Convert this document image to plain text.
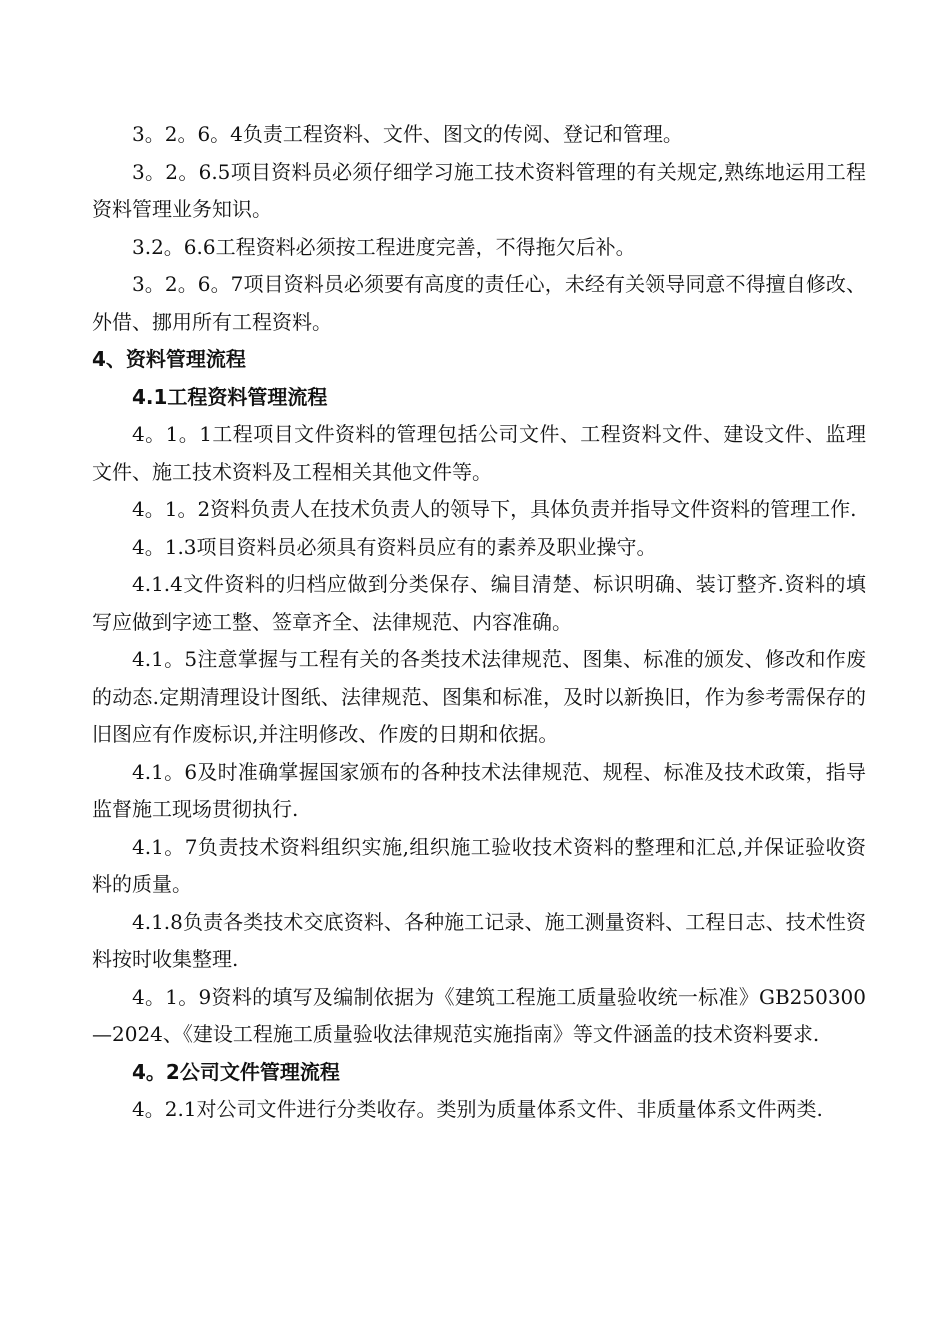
3。2。6。4负责工程资料、文件、图文的传阅、登记和管理。

3。2。6.5项目资料员必须仔细学习施工技术资料管理的有关规定,熟练地运用工程资料管理业务知识。

3.2。6.6工程资料必须按工程进度完善，不得拖欠后补。

3。2。6。7项目资料员必须要有高度的责任心，未经有关领导同意不得擅自修改、外借、挪用所有工程资料。

4、资料管理流程

4.1工程资料管理流程

4。1。1工程项目文件资料的管理包括公司文件、工程资料文件、建设文件、监理文件、施工技术资料及工程相关其他文件等。

4。1。2资料负责人在技术负责人的领导下，具体负责并指导文件资料的管理工作.

4。1.3项目资料员必须具有资料员应有的素养及职业操守。

4.1.4文件资料的归档应做到分类保存、编目清楚、标识明确、装订整齐.资料的填写应做到字迹工整、签章齐全、法律规范、内容准确。

4.1。5注意掌握与工程有关的各类技术法律规范、图集、标准的颁发、修改和作废的动态.定期清理设计图纸、法律规范、图集和标准，及时以新换旧，作为参考需保存的旧图应有作废标识,并注明修改、作废的日期和依据。

4.1。6及时准确掌握国家颁布的各种技术法律规范、规程、标准及技术政策，指导监督施工现场贯彻执行.

4.1。7负责技术资料组织实施,组织施工验收技术资料的整理和汇总,并保证验收资料的质量。

4.1.8负责各类技术交底资料、各种施工记录、施工测量资料、工程日志、技术性资料按时收集整理.

4。1。9资料的填写及编制依据为《建筑工程施工质量验收统一标准》GB250300—2024、《建设工程施工质量验收法律规范实施指南》等文件涵盖的技术资料要求.

4。2公司文件管理流程

4。2.1对公司文件进行分类收存。类别为质量体系文件、非质量体系文件两类.
